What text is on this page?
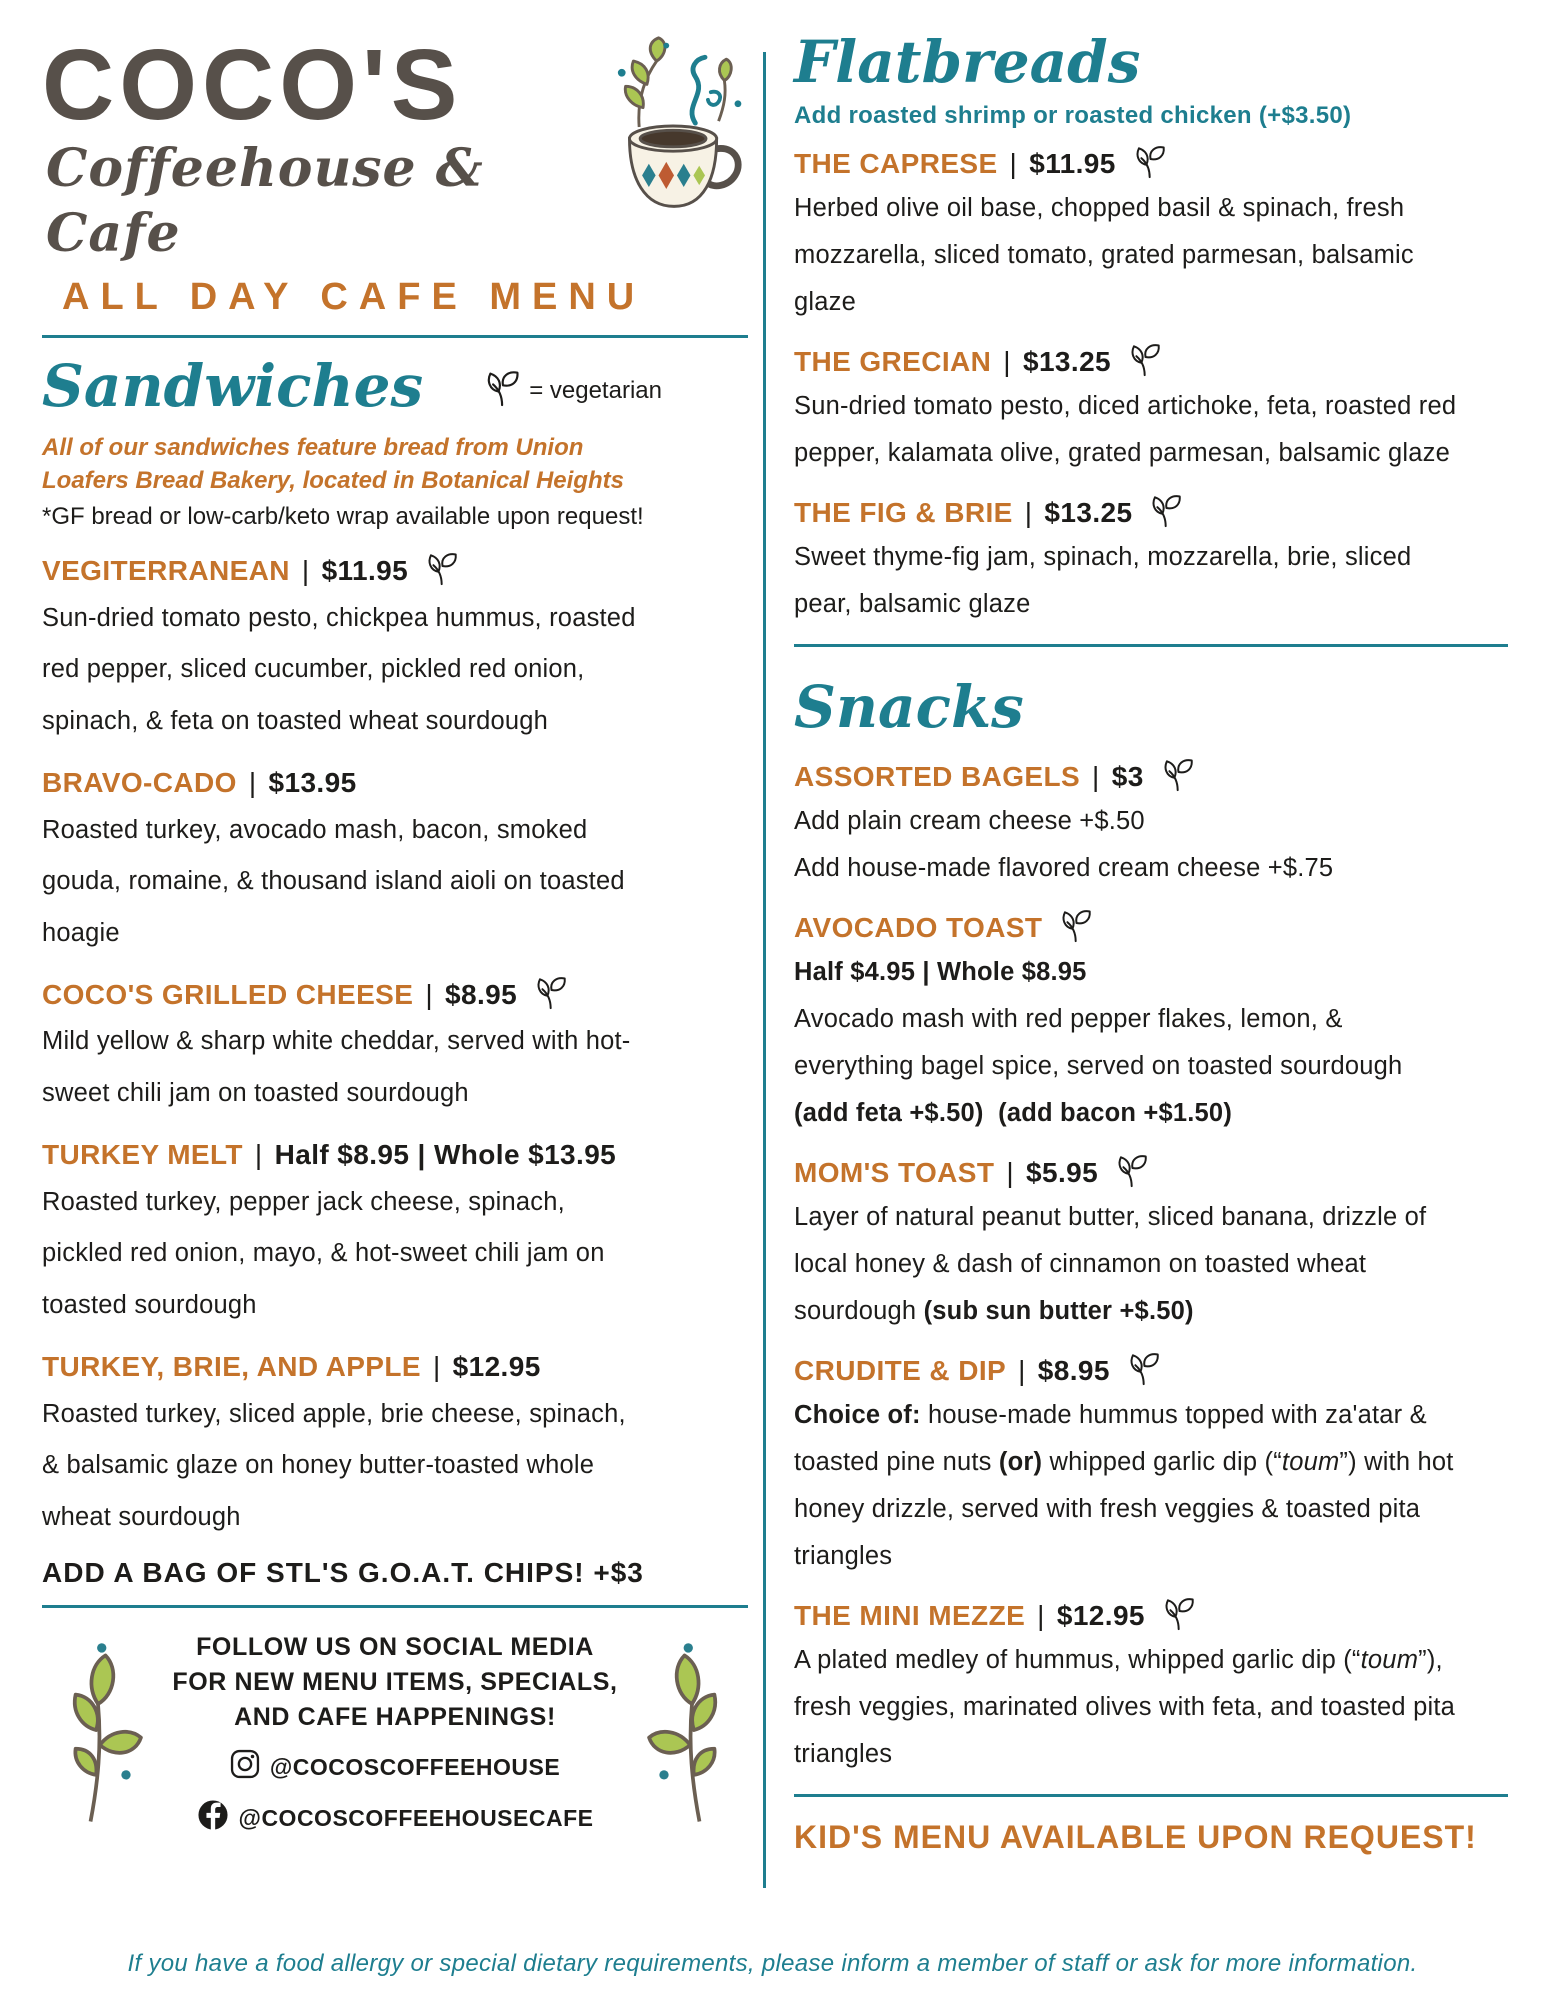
COCO'S
Coffeehouse & Cafe
ALL DAY CAFE MENU
Sandwiches	= vegetarian
All of our sandwiches feature bread from Union
Loafers Bread Bakery, located in Botanical Heights
*GF bread or low-carb/keto wrap available upon request!
VEGITERRANEAN | $11.95
Sun-dried tomato pesto, chickpea hummus, roasted red pepper, sliced cucumber, pickled red onion, spinach, & feta on toasted wheat sourdough
BRAVO-CADO | $13.95
Roasted turkey, avocado mash, bacon, smoked gouda, romaine, & thousand island aioli on toasted hoagie
COCO'S GRILLED CHEESE | $8.95
Mild yellow & sharp white cheddar, served with hot-sweet chili jam on toasted sourdough
TURKEY MELT | Half $8.95 | Whole $13.95
Roasted turkey, pepper jack cheese, spinach, pickled red onion, mayo, & hot-sweet chili jam on toasted sourdough
TURKEY, BRIE, AND APPLE | $12.95
Roasted turkey, sliced apple, brie cheese, spinach, & balsamic glaze on honey butter-toasted whole wheat sourdough
ADD A BAG OF STL'S G.O.A.T. CHIPS! +$3
FOLLOW US ON SOCIAL MEDIA
FOR NEW MENU ITEMS, SPECIALS,
AND CAFE HAPPENINGS!
@COCOSCOFFEEHOUSE
@COCOSCOFFEEHOUSECAFE
Flatbreads
Add roasted shrimp or roasted chicken (+$3.50)
THE CAPRESE | $11.95
Herbed olive oil base, chopped basil & spinach, fresh mozzarella, sliced tomato, grated parmesan, balsamic glaze
THE GRECIAN | $13.25
Sun-dried tomato pesto, diced artichoke, feta, roasted red pepper, kalamata olive, grated parmesan, balsamic glaze
THE FIG & BRIE | $13.25
Sweet thyme-fig jam, spinach, mozzarella, brie, sliced pear, balsamic glaze
Snacks
ASSORTED BAGELS | $3
Add plain cream cheese +$.50
Add house-made flavored cream cheese +$.75
AVOCADO TOAST
Half $4.95 | Whole $8.95
Avocado mash with red pepper flakes, lemon, & everything bagel spice, served on toasted sourdough (add feta +$.50)  (add bacon +$1.50)
MOM'S TOAST | $5.95
Layer of natural peanut butter, sliced banana, drizzle of local honey & dash of cinnamon on toasted wheat sourdough (sub sun butter +$.50)
CRUDITE & DIP | $8.95
Choice of: house-made hummus topped with za'atar & toasted pine nuts (or) whipped garlic dip (“toum”) with hot honey drizzle, served with fresh veggies & toasted pita triangles
THE MINI MEZZE | $12.95
A plated medley of hummus, whipped garlic dip (“toum”), fresh veggies, marinated olives with feta, and toasted pita triangles
KID'S MENU AVAILABLE UPON REQUEST!
If you have a food allergy or special dietary requirements, please inform a member of staff or ask for more information.
